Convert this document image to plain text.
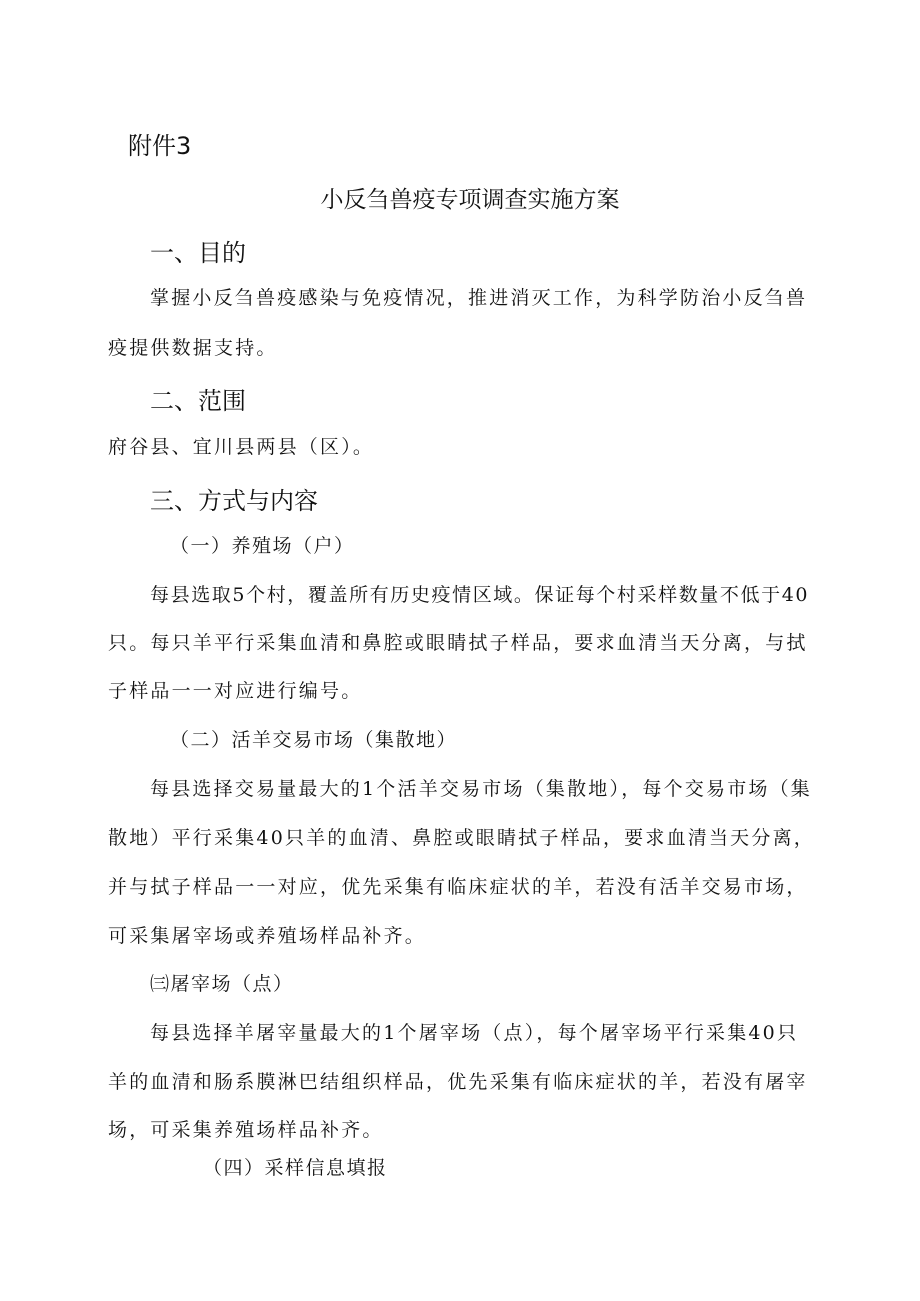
附件3

小反刍兽疫专项调查实施方案

一、目的

掌握小反刍兽疫感染与免疫情况，推进消灭工作，为科学防治小反刍兽

疫提供数据支持。

二、范围

府谷县、宜川县两县（区）。

三、方式与内容

（一）养殖场（户）

每县选取5个村，覆盖所有历史疫情区域。保证每个村采样数量不低于40

只。每只羊平行采集血清和鼻腔或眼睛拭子样品，要求血清当天分离，与拭

子样品一一对应进行编号。

（二）活羊交易市场（集散地）

每县选择交易量最大的1个活羊交易市场（集散地），每个交易市场（集

散地）平行采集40只羊的血清、鼻腔或眼睛拭子样品，要求血清当天分离，

并与拭子样品一一对应，优先采集有临床症状的羊，若没有活羊交易市场，

可采集屠宰场或养殖场样品补齐。

㈢屠宰场（点）

每县选择羊屠宰量最大的1个屠宰场（点），每个屠宰场平行采集40只

羊的血清和肠系膜淋巴结组织样品，优先采集有临床症状的羊，若没有屠宰

场，可采集养殖场样品补齐。

（四）采样信息填报
